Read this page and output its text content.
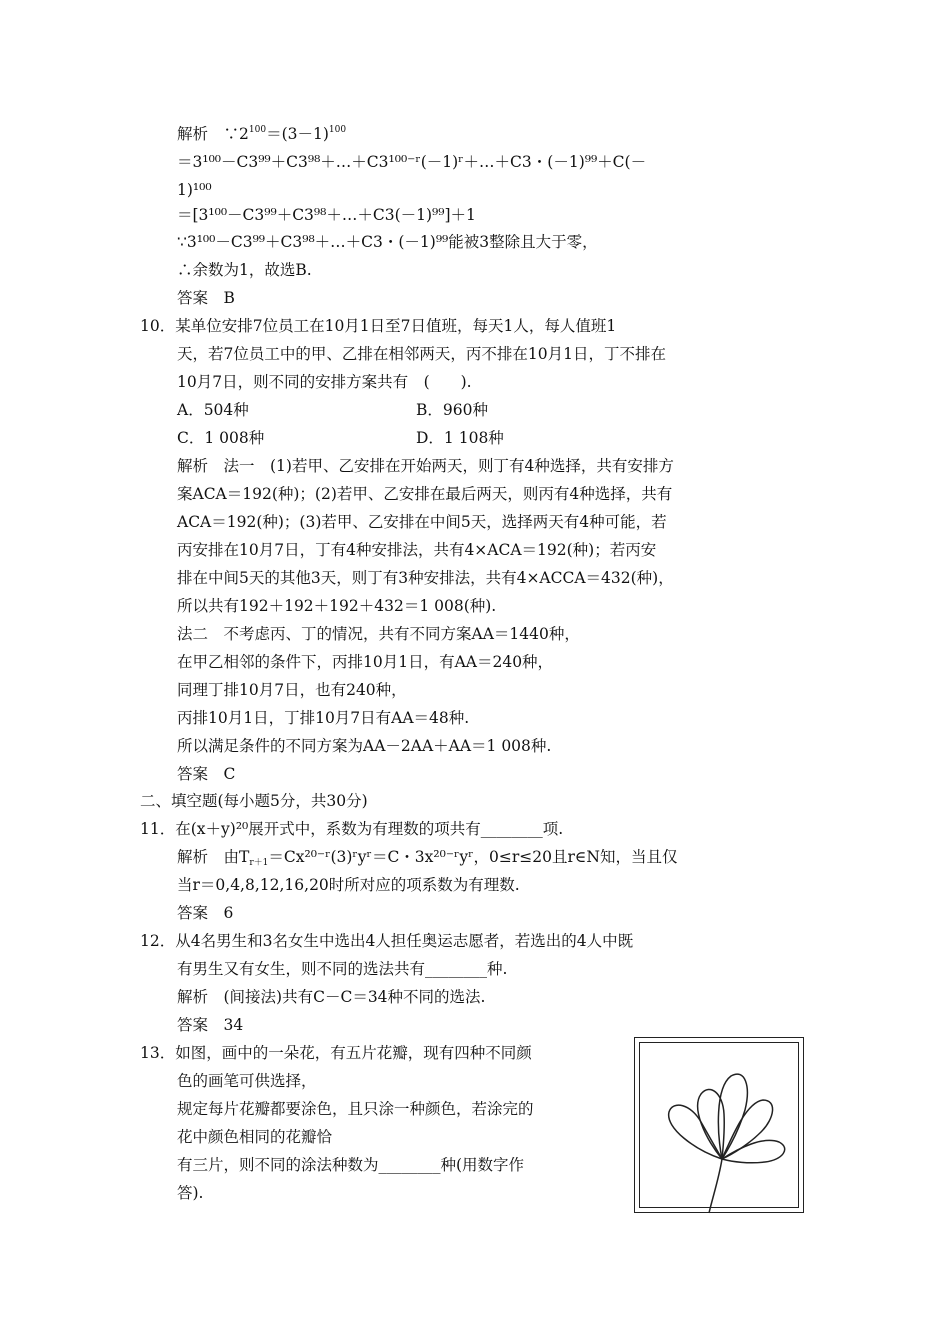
解析　$\because 2^{100}=(3-1)^{100}$
＝3¹⁰⁰－C3⁹⁹＋C3⁹⁸＋…＋C3¹⁰⁰⁻ʳ(－1)ʳ＋…＋C3・(－1)⁹⁹＋C(－
1)¹⁰⁰
＝[3¹⁰⁰－C3⁹⁹＋C3⁹⁸＋…＋C3(－1)⁹⁹]＋1
∵3¹⁰⁰－C3⁹⁹＋C3⁹⁸＋…＋C3・(－1)⁹⁹能被3整除且大于零，
∴余数为1，故选B.
答案　B
10．某单位安排7位员工在10月1日至7日值班，每天1人，每人值班1
天，若7位员工中的甲、乙排在相邻两天，丙不排在10月1日，丁不排在
10月7日，则不同的安排方案共有　(　　).
A．504种	B．960种
C．1 008种	D．1 108种
解析　法一　(1)若甲、乙安排在开始两天，则丁有4种选择，共有安排方
案ACA＝192(种)；(2)若甲、乙安排在最后两天，则丙有4种选择，共有
ACA＝192(种)；(3)若甲、乙安排在中间5天，选择两天有4种可能，若
丙安排在10月7日，丁有4种安排法，共有4×ACA＝192(种)；若丙安
排在中间5天的其他3天，则丁有3种安排法，共有4×ACCA＝432(种)，
所以共有192＋192＋192＋432＝1 008(种).
法二　不考虑丙、丁的情况，共有不同方案AA＝1440种，
在甲乙相邻的条件下，丙排10月1日，有AA＝240种，
同理丁排10月7日，也有240种，
丙排10月1日，丁排10月7日有AA＝48种.
所以满足条件的不同方案为AA－2AA＋AA＝1 008种.
答案　C
二、填空题(每小题5分，共30分)
11．在(x＋y)²⁰展开式中，系数为有理数的项共有________项.
解析　由$T_{r+1}=Cx^{20-}ʳ(3)ʳyʳ=C$・3x²⁰⁻ʳyʳ，0≤r≤20且r∈N知，当且仅
当r＝0,4,8,12,16,20时所对应的项系数为有理数.
答案　6
12．从4名男生和3名女生中选出4人担任奥运志愿者，若选出的4人中既
有男生又有女生，则不同的选法共有________种.
解析　(间接法)共有C－C＝34种不同的选法.
答案　34
13．如图，画中的一朵花，有五片花瓣，现有四种不同颜
色的画笔可供选择，
规定每片花瓣都要涂色，且只涂一种颜色，若涂完的
花中颜色相同的花瓣恰
有三片，则不同的涂法种数为________种(用数字作
答).
